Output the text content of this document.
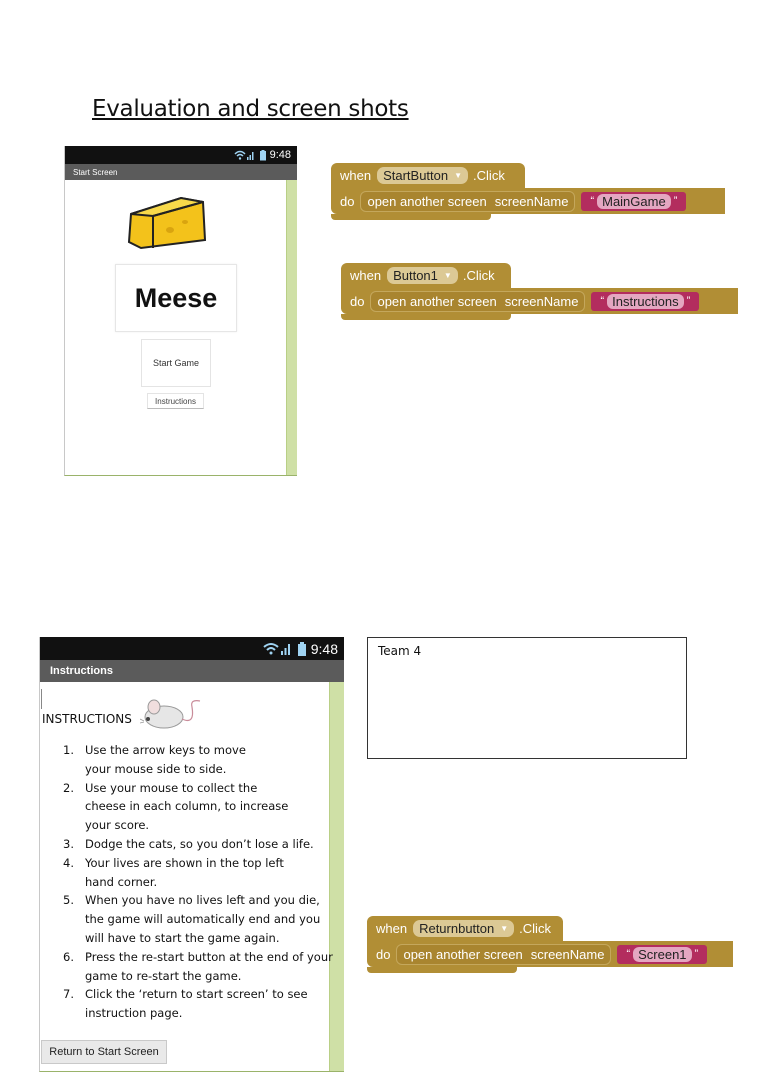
Evaluation and screen shots
9:48
Start Screen
Meese
Start Game
Instructions
when StartButton ▼ .Click
do open another screen screenName “ MainGame ”
when Button1 ▼ .Click
do open another screen screenName “ Instructions ”
9:48
Instructions
INSTRUCTIONS
1. Use the arrow keys to move
your mouse side to side.
2. Use your mouse to collect the
cheese in each column, to increase
your score.
3. Dodge the cats, so you don’t lose a life.
4. Your lives are shown in the top left
hand corner.
5. When you have no lives left and you die,
the game will automatically end and you
will have to start the game again.
6. Press the re-start button at the end of your
game to re-start the game.
7. Click the ‘return to start screen’ to see
instruction page.
Return to Start Screen
Team 4
when Returnbutton ▼ .Click
do open another screen screenName “ Screen1 ”
